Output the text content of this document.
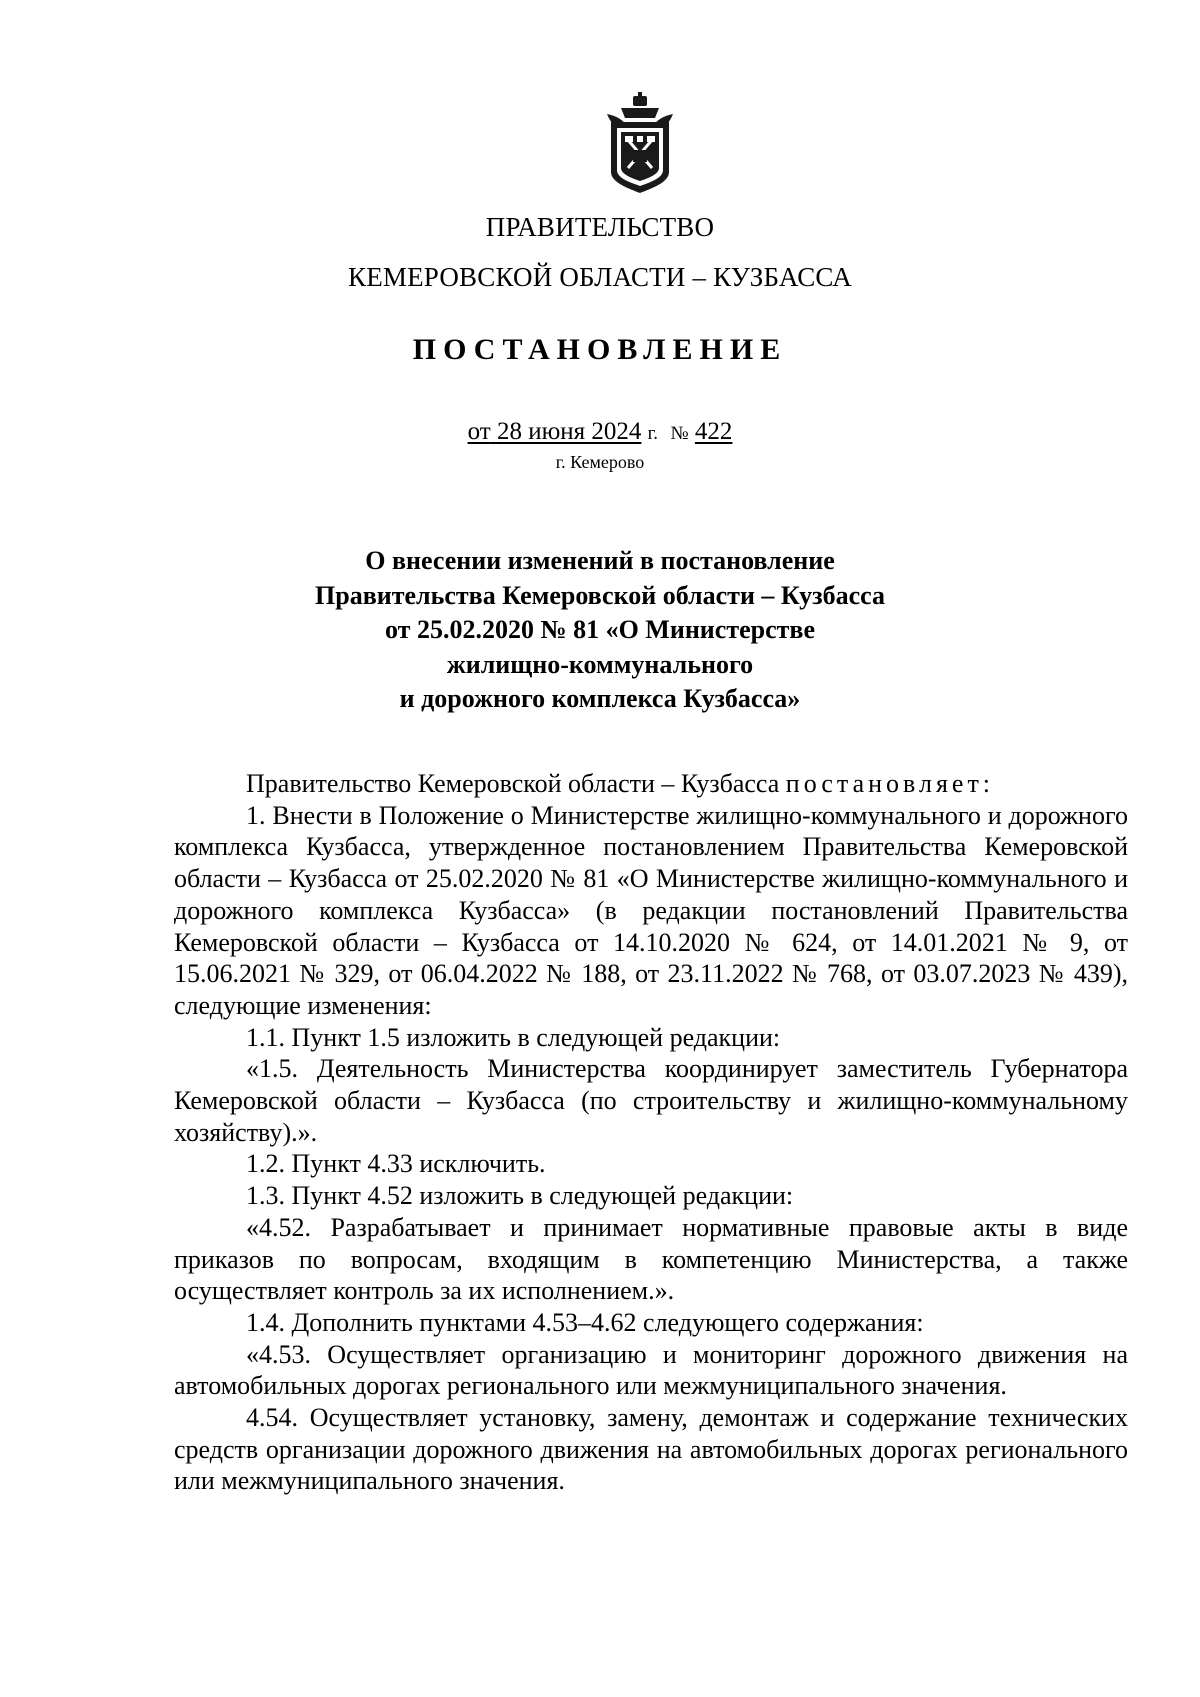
ПРАВИТЕЛЬСТВО
КЕМЕРОВСКОЙ ОБЛАСТИ – КУЗБАССА
ПОСТАНОВЛЕНИЕ
от 28 июня 2024 г. № 422
г. Кемерово
О внесении изменений в постановление
Правительства Кемеровской области – Кузбасса
от 25.02.2020 № 81 «О Министерстве
жилищно-коммунального
и дорожного комплекса Кузбасса»

Правительство Кемеровской области – Кузбасса постановляет:

1. Внести в Положение о Министерстве жилищно-коммунального и дорожного комплекса Кузбасса, утвержденное постановлением Правительства Кемеровской области – Кузбасса от 25.02.2020 № 81 «О Министерстве жилищно-коммунального и дорожного комплекса Кузбасса» (в редакции постановлений Правительства Кемеровской области – Кузбасса от 14.10.2020 № 624, от 14.01.2021 № 9, от 15.06.2021 № 329, от 06.04.2022 № 188, от 23.11.2022 № 768, от 03.07.2023 № 439), следующие изменения:

1.1. Пункт 1.5 изложить в следующей редакции:

«1.5. Деятельность Министерства координирует заместитель Губернатора Кемеровской области – Кузбасса (по строительству и жилищно-коммунальному хозяйству).».

1.2. Пункт 4.33 исключить.

1.3. Пункт 4.52 изложить в следующей редакции:

«4.52. Разрабатывает и принимает нормативные правовые акты в виде приказов по вопросам, входящим в компетенцию Министерства, а также осуществляет контроль за их исполнением.».

1.4. Дополнить пунктами 4.53–4.62 следующего содержания:

«4.53. Осуществляет организацию и мониторинг дорожного движения на автомобильных дорогах регионального или межмуниципального значения.

4.54. Осуществляет установку, замену, демонтаж и содержание технических средств организации дорожного движения на автомобильных дорогах регионального или межмуниципального значения.
